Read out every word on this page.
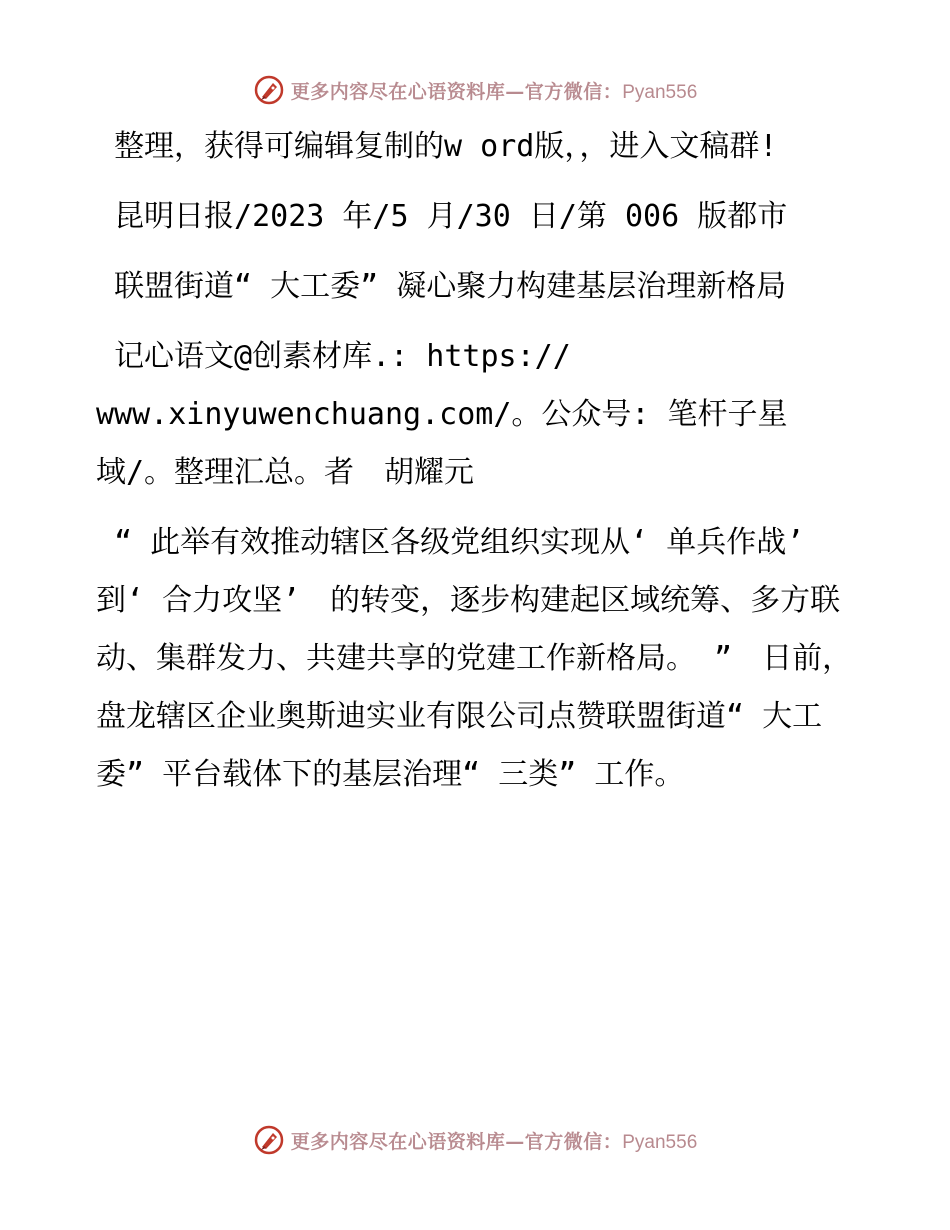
更多内容尽在心语资料库—官方微信：Pyan556

整理，获得可编辑复制的w ord版，，进入文稿群!

昆明日报/2023 年/5 月/30 日/第 006 版都市

联盟街道“ 大工委” 凝心聚力构建基层治理新格局

记心语文@创素材库.: https://
www.xinyuwenchuang.com/。公众号: 笔杆子星域/。整理汇总。者　胡耀元

“ 此举有效推动辖区各级党组织实现从‘ 单兵作战’　到‘ 合力攻坚’　的转变，逐步构建起区域统筹、多方联动、集群发力、共建共享的党建工作新格局。 ”　日前，盘龙辖区企业奥斯迪实业有限公司点赞联盟街道“ 大工委” 平台载体下的基层治理“ 三类” 工作。

更多内容尽在心语资料库—官方微信：Pyan556
